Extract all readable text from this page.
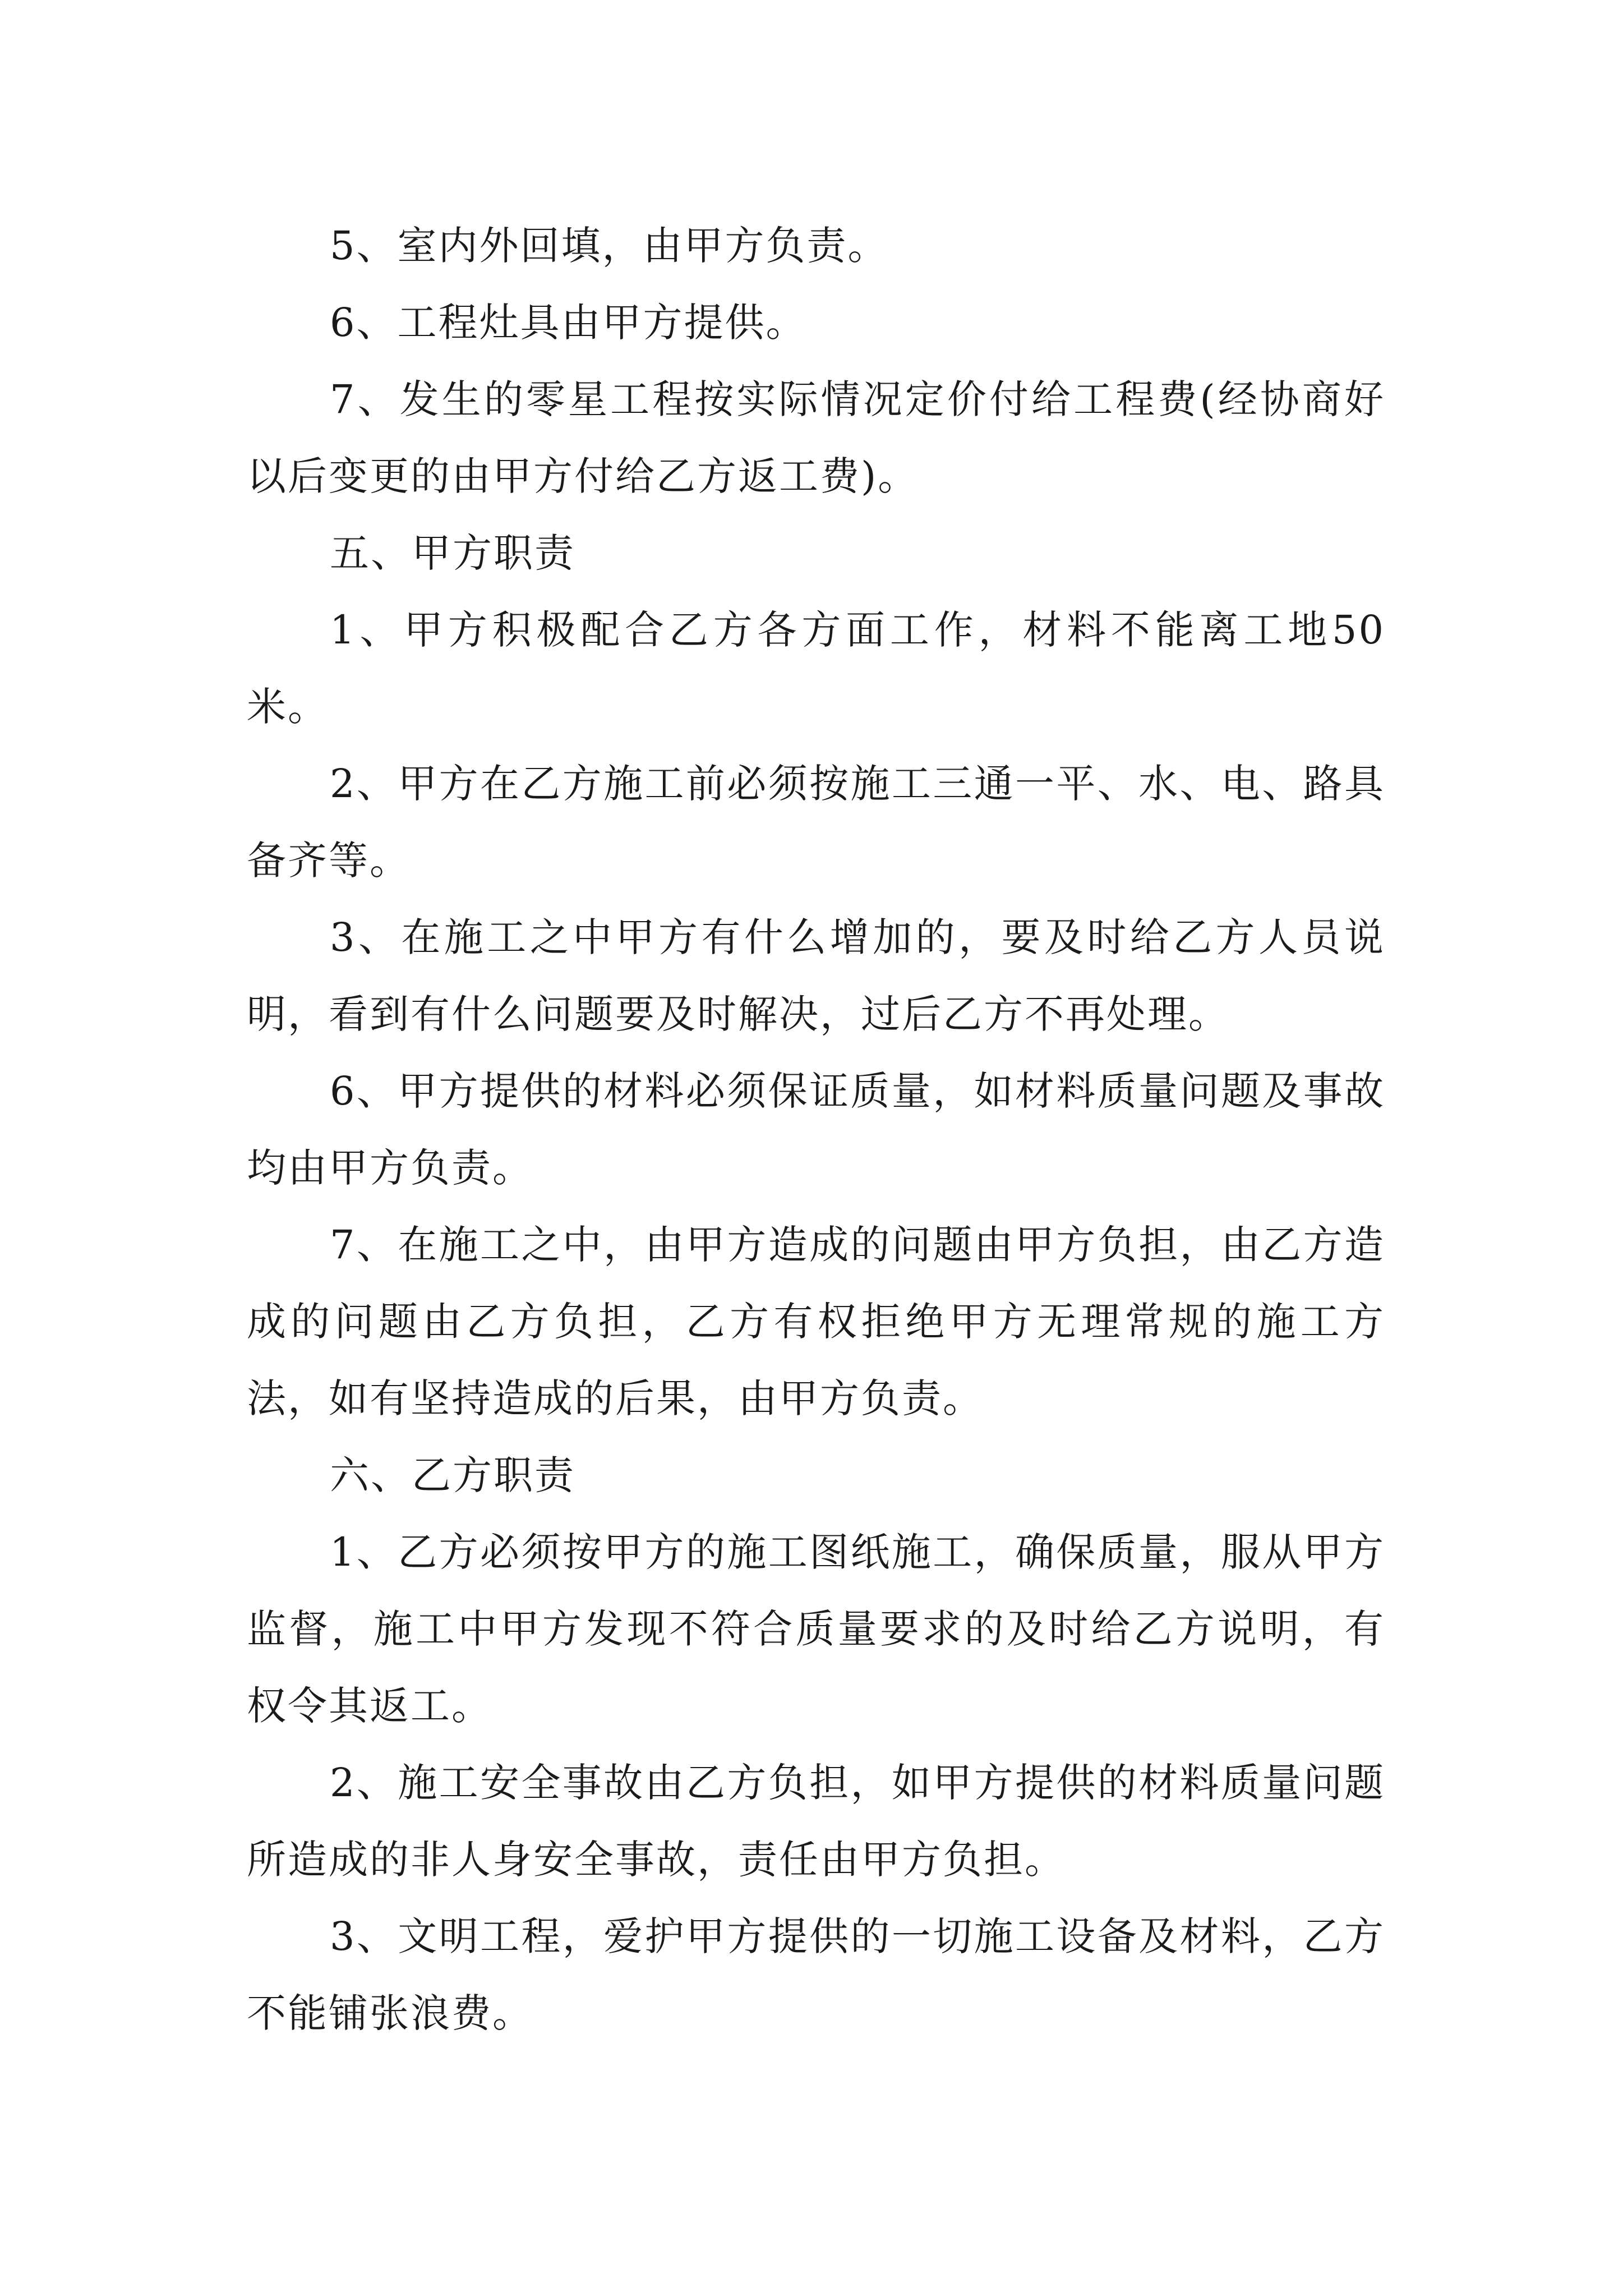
5、室内外回填，由甲方负责。

6、工程灶具由甲方提供。

7、发生的零星工程按实际情况定价付给工程费(经协商好以后变更的由甲方付给乙方返工费)。

五、甲方职责

1、甲方积极配合乙方各方面工作，材料不能离工地50米。

2、甲方在乙方施工前必须按施工三通一平、水、电、路具备齐等。

3、在施工之中甲方有什么增加的，要及时给乙方人员说明，看到有什么问题要及时解决，过后乙方不再处理。

6、甲方提供的材料必须保证质量，如材料质量问题及事故均由甲方负责。

7、在施工之中，由甲方造成的问题由甲方负担，由乙方造成的问题由乙方负担，乙方有权拒绝甲方无理常规的施工方法，如有坚持造成的后果，由甲方负责。

六、乙方职责

1、乙方必须按甲方的施工图纸施工，确保质量，服从甲方监督，施工中甲方发现不符合质量要求的及时给乙方说明，有权令其返工。

2、施工安全事故由乙方负担，如甲方提供的材料质量问题所造成的非人身安全事故，责任由甲方负担。

3、文明工程，爱护甲方提供的一切施工设备及材料，乙方不能铺张浪费。
